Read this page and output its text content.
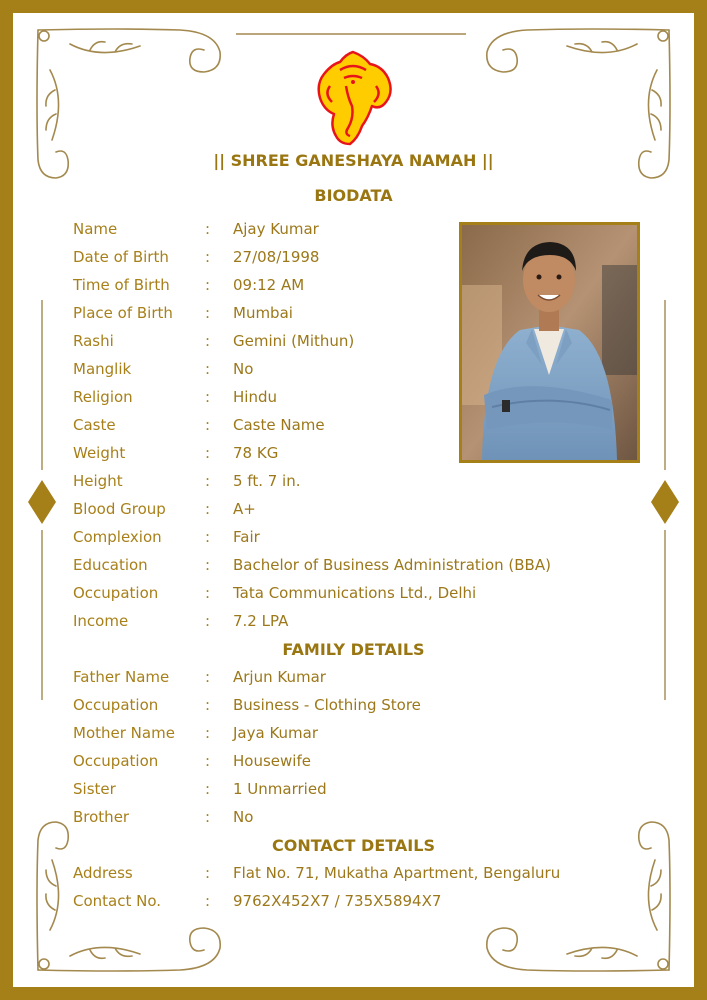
|| SHREE GANESHAYA NAMAH ||
BIODATA
Name	: Ajay Kumar
Date of Birth : 27/08/1998
Time of Birth : 09:12 AM
Place of Birth : Mumbai
Rashi	: Gemini (Mithun)
Manglik	: No
Religion	: Hindu
Caste	: Caste Name
Weight	: 78 KG
Height	: 5 ft. 7 in.
Blood Group	: A+
Complexion	: Fair
Education	: Bachelor of Business Administration (BBA)
Occupation	: Tata Communications Ltd., Delhi
Income	: 7.2 LPA
FAMILY DETAILS
Father Name : Arjun Kumar
Occupation	: Business - Clothing Store
Mother Name : Jaya Kumar
Occupation	: Housewife
Sister	: 1 Unmarried
Brother	: No
CONTACT DETAILS
Address	: Flat No. 71, Mukatha Apartment, Bengaluru
Contact No.	: 9762X452X7 / 735X5894X7
